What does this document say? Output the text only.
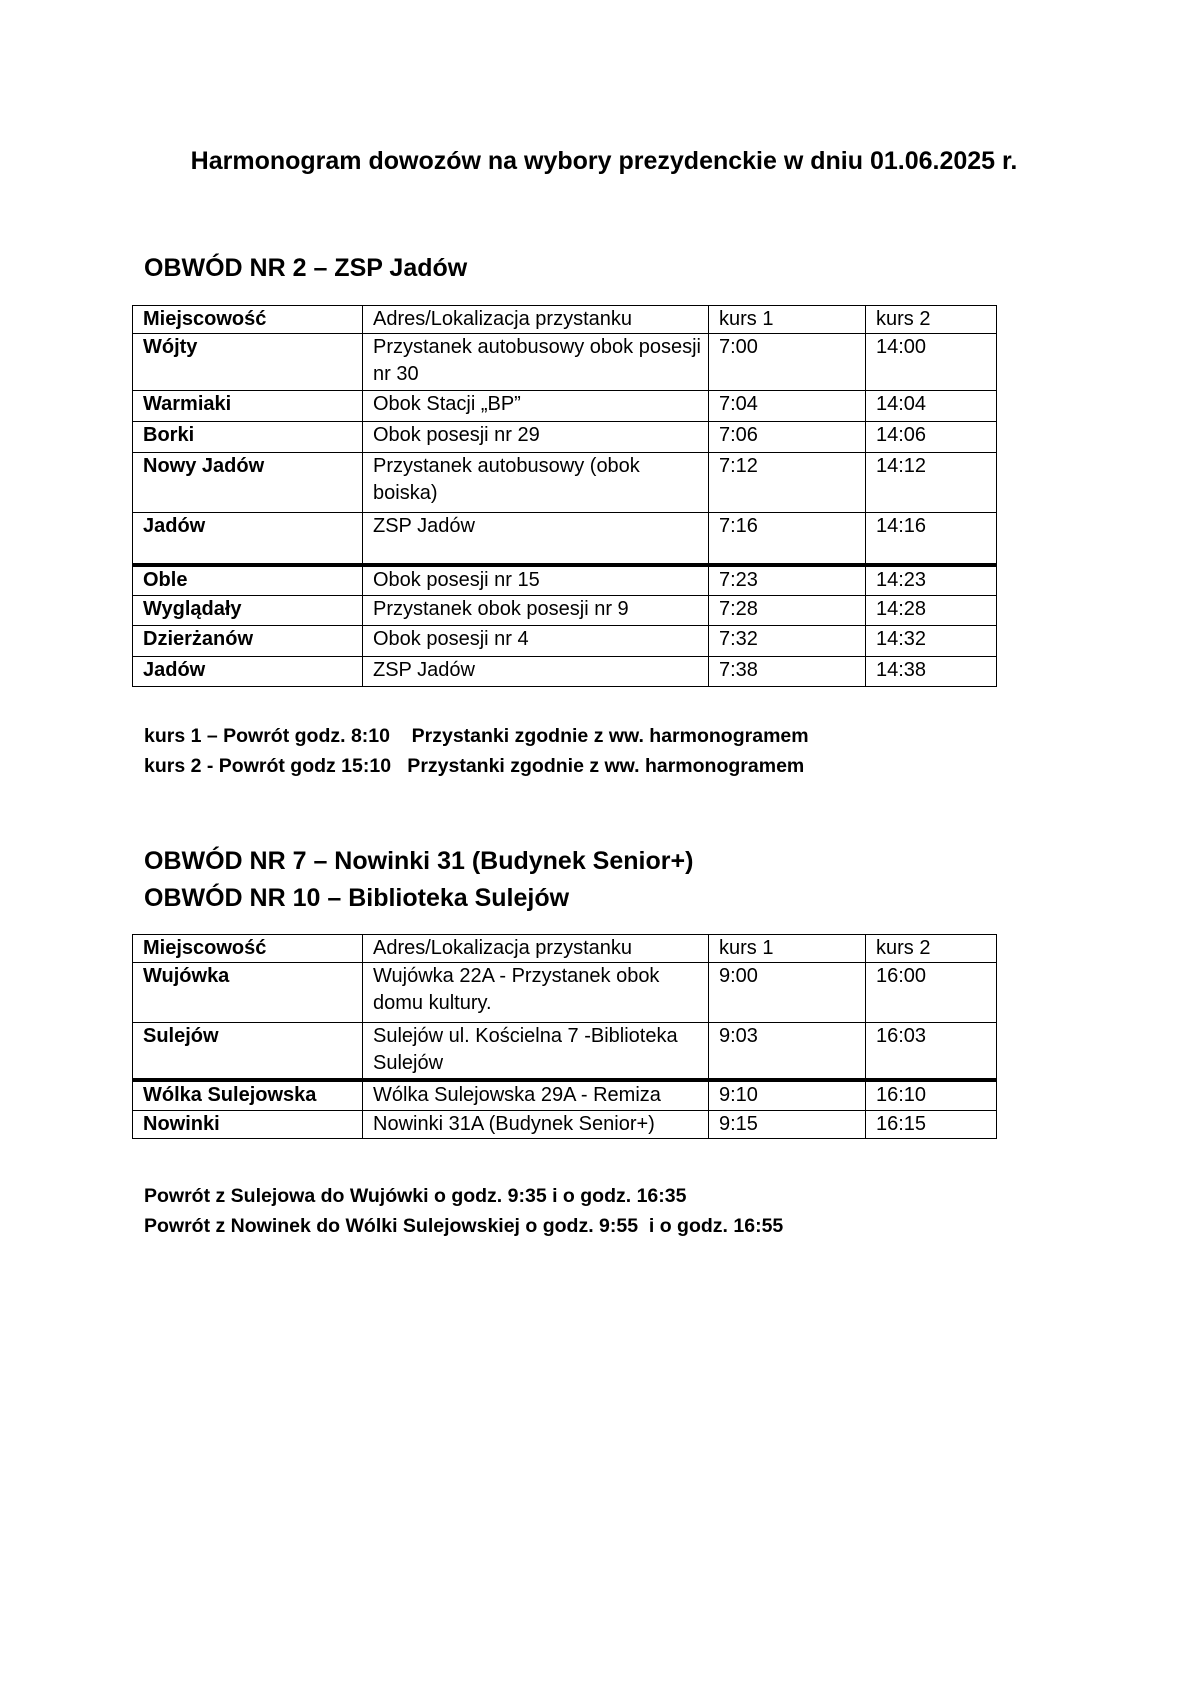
Harmonogram dowozów na wybory prezydenckie w dniu 01.06.2025 r.
OBWÓD NR 2 – ZSP Jadów
Miejscowość	Adres/Lokalizacja przystanku	kurs 1	kurs 2
Wójty	Przystanek autobusowy obok posesji nr 30	7:00	14:00
Warmiaki	Obok Stacji „BP”	7:04	14:04
Borki	Obok posesji nr 29	7:06	14:06
Nowy Jadów	Przystanek autobusowy (obok boiska)	7:12	14:12
Jadów	ZSP Jadów	7:16	14:16
Oble	Obok posesji nr 15	7:23	14:23
Wyglądały	Przystanek obok posesji nr 9	7:28	14:28
Dzierżanów	Obok posesji nr 4	7:32	14:32
Jadów	ZSP Jadów	7:38	14:38
kurs 1 – Powrót godz. 8:10    Przystanki zgodnie z ww. harmonogramem
kurs 2 - Powrót godz 15:10   Przystanki zgodnie z ww. harmonogramem
OBWÓD NR 7 – Nowinki 31 (Budynek Senior+)
OBWÓD NR 10 – Biblioteka Sulejów
Miejscowość	Adres/Lokalizacja przystanku	kurs 1	kurs 2
Wujówka	Wujówka 22A - Przystanek obok domu kultury.	9:00	16:00
Sulejów	Sulejów ul. Kościelna 7 -Biblioteka Sulejów	9:03	16:03
Wólka Sulejowska	Wólka Sulejowska 29A - Remiza	9:10	16:10
Nowinki	Nowinki 31A (Budynek Senior+)	9:15	16:15
Powrót z Sulejowa do Wujówki o godz. 9:35 i o godz. 16:35
Powrót z Nowinek do Wólki Sulejowskiej o godz. 9:55  i o godz. 16:55
